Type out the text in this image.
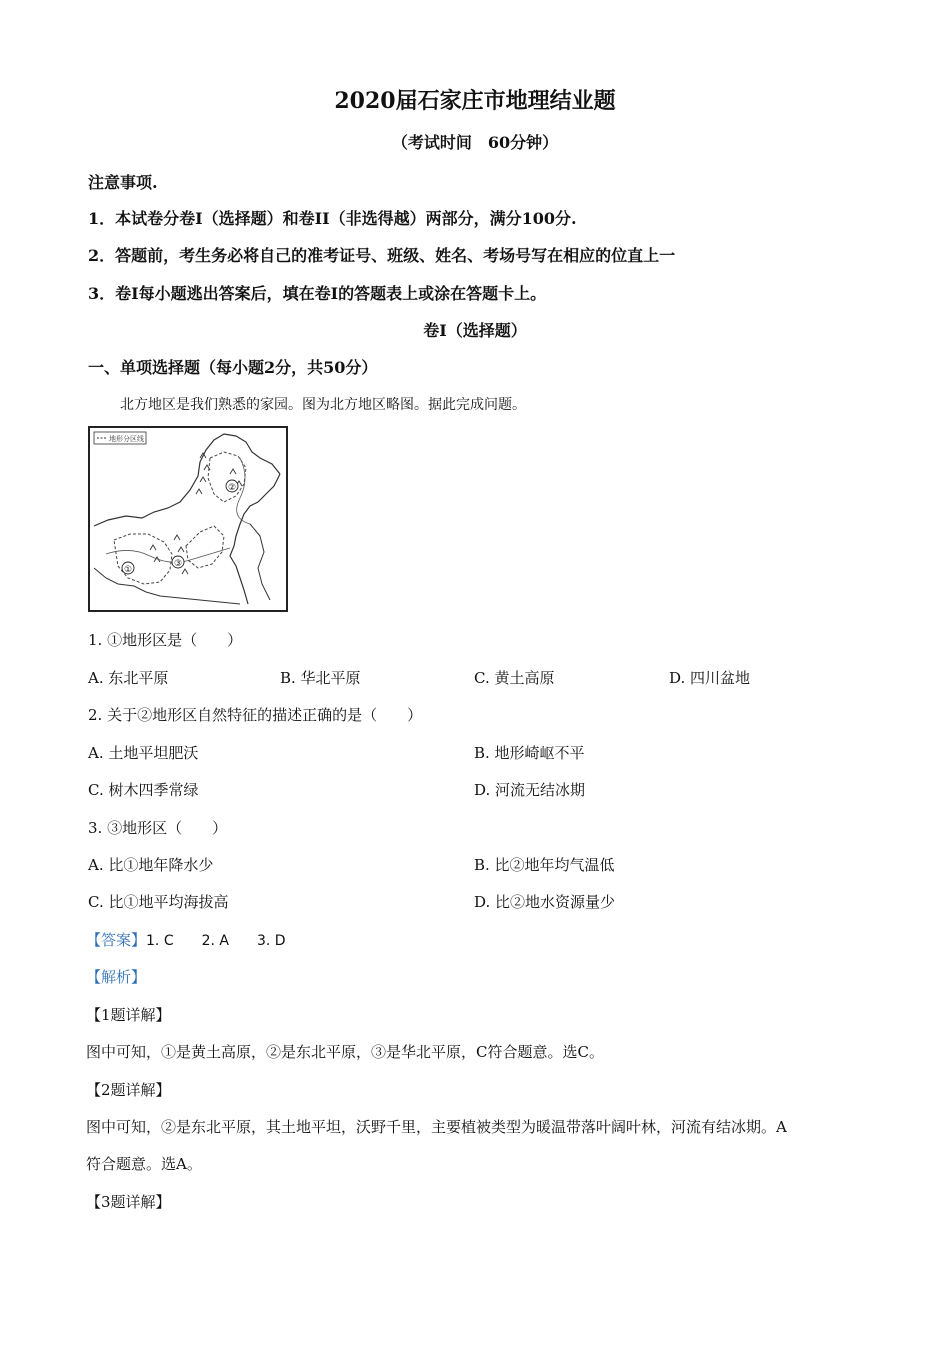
2020届石家庄市地理结业题
（考试时间　60分钟）
注意事项.
1．本试卷分卷Ⅰ（选择题）和卷II（非选得越）两部分，满分100分.
2．答题前，考生务必将自己的准考证号、班级、姓名、考场号写在相应的位直上一
3．卷Ⅰ每小题逃出答案后，填在卷Ⅰ的答题表上或涂在答题卡上。
卷Ⅰ（选择题）
一、单项选择题（每小题2分，共50分）
北方地区是我们熟悉的家园。图为北方地区略图。据此完成问题。
地形分区线
①
②
③
1. ①地形区是（　　）
A. 东北平原	B. 华北平原	C. 黄土高原	D. 四川盆地
2. 关于②地形区自然特征的描述正确的是（　　）
A. 土地平坦肥沃	B. 地形崎岖不平
C. 树木四季常绿	D. 河流无结冰期
3. ③地形区（　　）
A. 比①地年降水少	B. 比②地年均气温低
C. 比①地平均海拔高	D. 比②地水资源量少
【答案】1. C　　2. A　　3. D
【解析】
【1题详解】
图中可知，①是黄土高原，②是东北平原，③是华北平原，C符合题意。选C。
【2题详解】
图中可知，②是东北平原，其土地平坦，沃野千里，主要植被类型为暖温带落叶阔叶林，河流有结冰期。A
符合题意。选A。
【3题详解】
